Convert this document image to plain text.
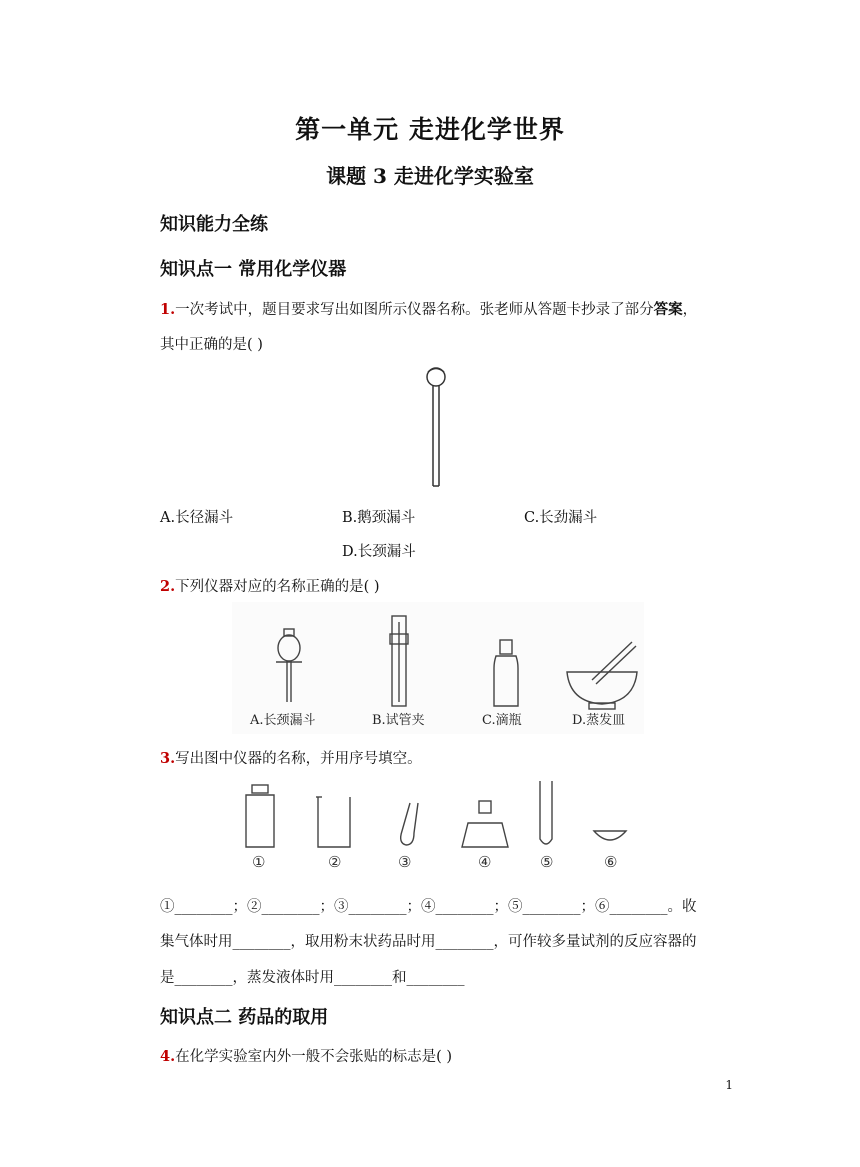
第一单元 走进化学世界
课题 3 走进化学实验室
知识能力全练
知识点一 常用化学仪器
1.一次考试中，题目要求写出如图所示仪器名称。张老师从答题卡抄录了部分答案，
其中正确的是( )
A.长径漏斗	B.鹅颈漏斗	C.长劲漏斗
D.长颈漏斗
2.下列仪器对应的名称正确的是( )
A.长颈漏斗	B.试管夹	C.滴瓶	D.蒸发皿
3.写出图中仪器的名称，并用序号填空。
①	②	③	④	⑤	⑥
①________；②________；③________；④________；⑤________；⑥________。收
集气体时用________，取用粉末状药品时用________，可作较多量试剂的反应容器的
是________，蒸发液体时用________和________
知识点二 药品的取用
4.在化学实验室内外一般不会张贴的标志是( )
1
